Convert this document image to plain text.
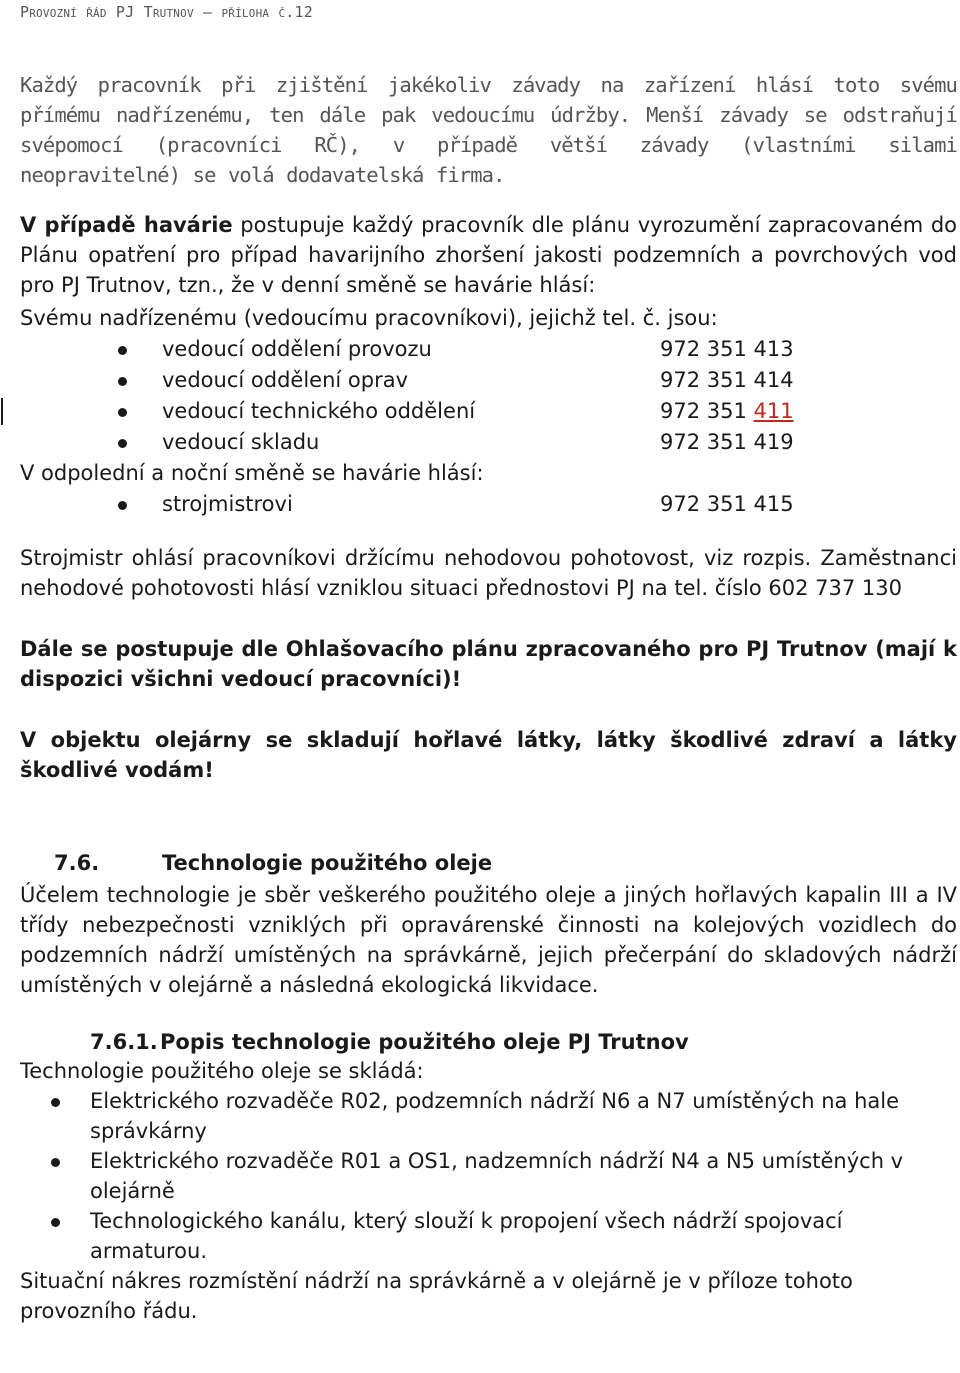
Provozní řád PJ Trutnov – příloha č.12

Každý pracovník při zjištění jakékoliv závady na zařízení hlásí toto svému přímému nadřízenému, ten dále pak vedoucímu údržby. Menší závady se odstraňují svépomocí (pracovníci RČ), v případě větší závady (vlastními silami neopravitelné) se volá dodavatelská firma.

V případě havárie postupuje každý pracovník dle plánu vyrozumění zapracovaném do Plánu opatření pro případ havarijního zhoršení jakosti podzemních a povrchových vod pro PJ Trutnov, tzn., že v denní směně se havárie hlásí:

Svému nadřízenému (vedoucímu pracovníkovi), jejichž tel. č. jsou:

vedoucí oddělení provozu	972 351 413
vedoucí oddělení oprav	972 351 414
vedoucí technického oddělení	972 351 411
vedoucí skladu	972 351 419

V odpolední a noční směně se havárie hlásí:

strojmistrovi	972 351 415

Strojmistr ohlásí pracovníkovi držícímu nehodovou pohotovost, viz rozpis. Zaměstnanci nehodové pohotovosti hlásí vzniklou situaci přednostovi PJ na tel. číslo 602 737 130

Dále se postupuje dle Ohlašovacího plánu zpracovaného pro PJ Trutnov (mají k dispozici všichni vedoucí pracovníci)!

V objektu olejárny se skladují hořlavé látky, látky škodlivé zdraví a látky škodlivé vodám!

7.6.	Technologie použitého oleje

Účelem technologie je sběr veškerého použitého oleje a jiných hořlavých kapalin III a IV třídy nebezpečnosti vzniklých při opravárenské činnosti na kolejových vozidlech do podzemních nádrží umístěných na správkárně, jejich přečerpání do skladových nádrží umístěných v olejárně a následná ekologická likvidace.

7.6.1. Popis technologie použitého oleje PJ Trutnov

Technologie použitého oleje se skládá:

Elektrického rozvaděče R02, podzemních nádrží N6 a N7 umístěných na hale správkárny
Elektrického rozvaděče R01 a OS1, nadzemních nádrží N4 a N5 umístěných v olejárně
Technologického kanálu, který slouží k propojení všech nádrží spojovací armaturou.

Situační nákres rozmístění nádrží na správkárně a v olejárně je v příloze tohoto provozního řádu.
